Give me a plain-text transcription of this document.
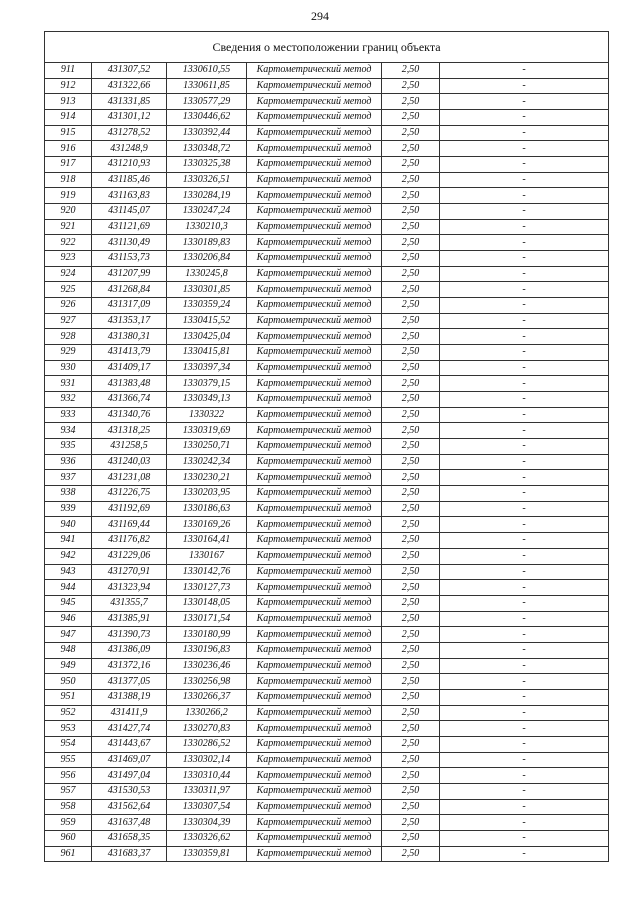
294
Сведения о местоположении границ объекта					
911	431307,52	1330610,55	Картометрический метод	2,50	-
912	431322,66	1330611,85	Картометрический метод	2,50	-
913	431331,85	1330577,29	Картометрический метод	2,50	-
914	431301,12	1330446,62	Картометрический метод	2,50	-
915	431278,52	1330392,44	Картометрический метод	2,50	-
916	431248,9	1330348,72	Картометрический метод	2,50	-
917	431210,93	1330325,38	Картометрический метод	2,50	-
918	431185,46	1330326,51	Картометрический метод	2,50	-
919	431163,83	1330284,19	Картометрический метод	2,50	-
920	431145,07	1330247,24	Картометрический метод	2,50	-
921	431121,69	1330210,3	Картометрический метод	2,50	-
922	431130,49	1330189,83	Картометрический метод	2,50	-
923	431153,73	1330206,84	Картометрический метод	2,50	-
924	431207,99	1330245,8	Картометрический метод	2,50	-
925	431268,84	1330301,85	Картометрический метод	2,50	-
926	431317,09	1330359,24	Картометрический метод	2,50	-
927	431353,17	1330415,52	Картометрический метод	2,50	-
928	431380,31	1330425,04	Картометрический метод	2,50	-
929	431413,79	1330415,81	Картометрический метод	2,50	-
930	431409,17	1330397,34	Картометрический метод	2,50	-
931	431383,48	1330379,15	Картометрический метод	2,50	-
932	431366,74	1330349,13	Картометрический метод	2,50	-
933	431340,76	1330322	Картометрический метод	2,50	-
934	431318,25	1330319,69	Картометрический метод	2,50	-
935	431258,5	1330250,71	Картометрический метод	2,50	-
936	431240,03	1330242,34	Картометрический метод	2,50	-
937	431231,08	1330230,21	Картометрический метод	2,50	-
938	431226,75	1330203,95	Картометрический метод	2,50	-
939	431192,69	1330186,63	Картометрический метод	2,50	-
940	431169,44	1330169,26	Картометрический метод	2,50	-
941	431176,82	1330164,41	Картометрический метод	2,50	-
942	431229,06	1330167	Картометрический метод	2,50	-
943	431270,91	1330142,76	Картометрический метод	2,50	-
944	431323,94	1330127,73	Картометрический метод	2,50	-
945	431355,7	1330148,05	Картометрический метод	2,50	-
946	431385,91	1330171,54	Картометрический метод	2,50	-
947	431390,73	1330180,99	Картометрический метод	2,50	-
948	431386,09	1330196,83	Картометрический метод	2,50	-
949	431372,16	1330236,46	Картометрический метод	2,50	-
950	431377,05	1330256,98	Картометрический метод	2,50	-
951	431388,19	1330266,37	Картометрический метод	2,50	-
952	431411,9	1330266,2	Картометрический метод	2,50	-
953	431427,74	1330270,83	Картометрический метод	2,50	-
954	431443,67	1330286,52	Картометрический метод	2,50	-
955	431469,07	1330302,14	Картометрический метод	2,50	-
956	431497,04	1330310,44	Картометрический метод	2,50	-
957	431530,53	1330311,97	Картометрический метод	2,50	-
958	431562,64	1330307,54	Картометрический метод	2,50	-
959	431637,48	1330304,39	Картометрический метод	2,50	-
960	431658,35	1330326,62	Картометрический метод	2,50	-
961	431683,37	1330359,81	Картометрический метод	2,50	-
